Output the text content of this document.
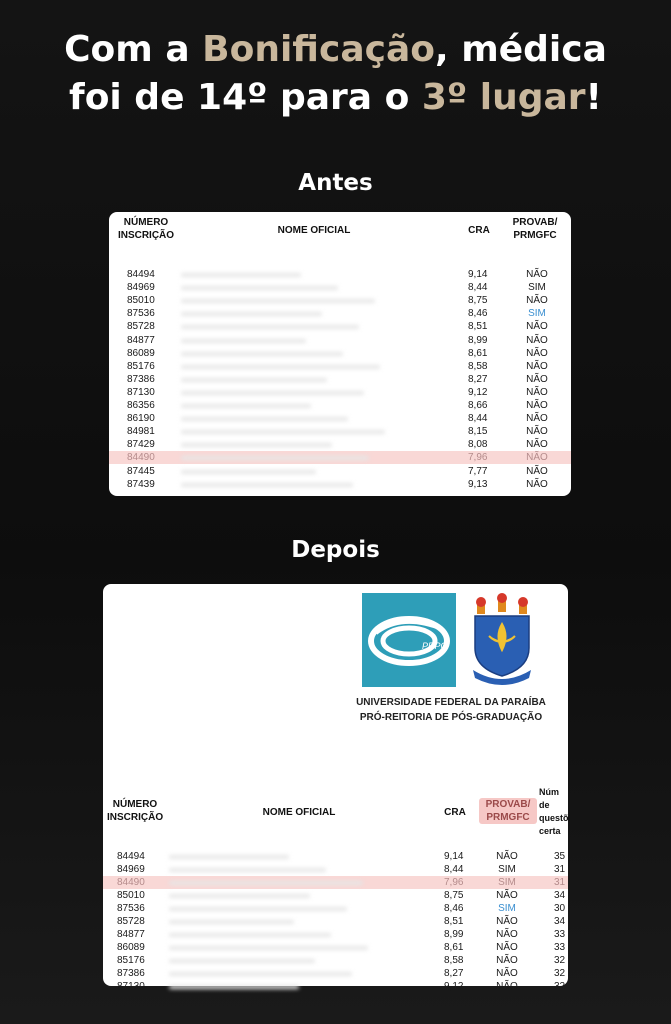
Com a Bonificação, médica
foi de 14º para o 3º lugar!
Antes
NÚMERO INSCRIÇÃO	NOME OFICIAL	CRA
PROVAB/ PRMGFC
84494	9,14	NÃO
84969	8,44	SIM
85010	8,75	NÃO
87536	8,46	SIM
85728	8,51	NÃO
84877	8,99	NÃO
86089	8,61	NÃO
85176	8,58	NÃO
87386	8,27	NÃO
87130	9,12	NÃO
86356	8,66	NÃO
86190	8,44	NÃO
84981	8,15	NÃO
87429	8,08	NÃO
84490	7,96	NÃO
87445	7,77	NÃO
87439	9,13	NÃO
Depois
PRPG
UNIVERSIDADE FEDERAL DA PARAÍBA
PRÓ-REITORIA DE PÓS-GRADUAÇÃO
NÚMERO INSCRIÇÃO	NOME OFICIAL	CRA
PROVAB/ PRMGFC
Núm de questõ certa
84494	9,14	NÃO	35
84969	8,44	SIM	31
84490	7,96	SIM	31
85010	8,75	NÃO	34
87536	8,46	SIM	30
85728	8,51	NÃO	34
84877	8,99	NÃO	33
86089	8,61	NÃO	33
85176	8,58	NÃO	32
87386	8,27	NÃO	32
87130	9,12	NÃO	32
